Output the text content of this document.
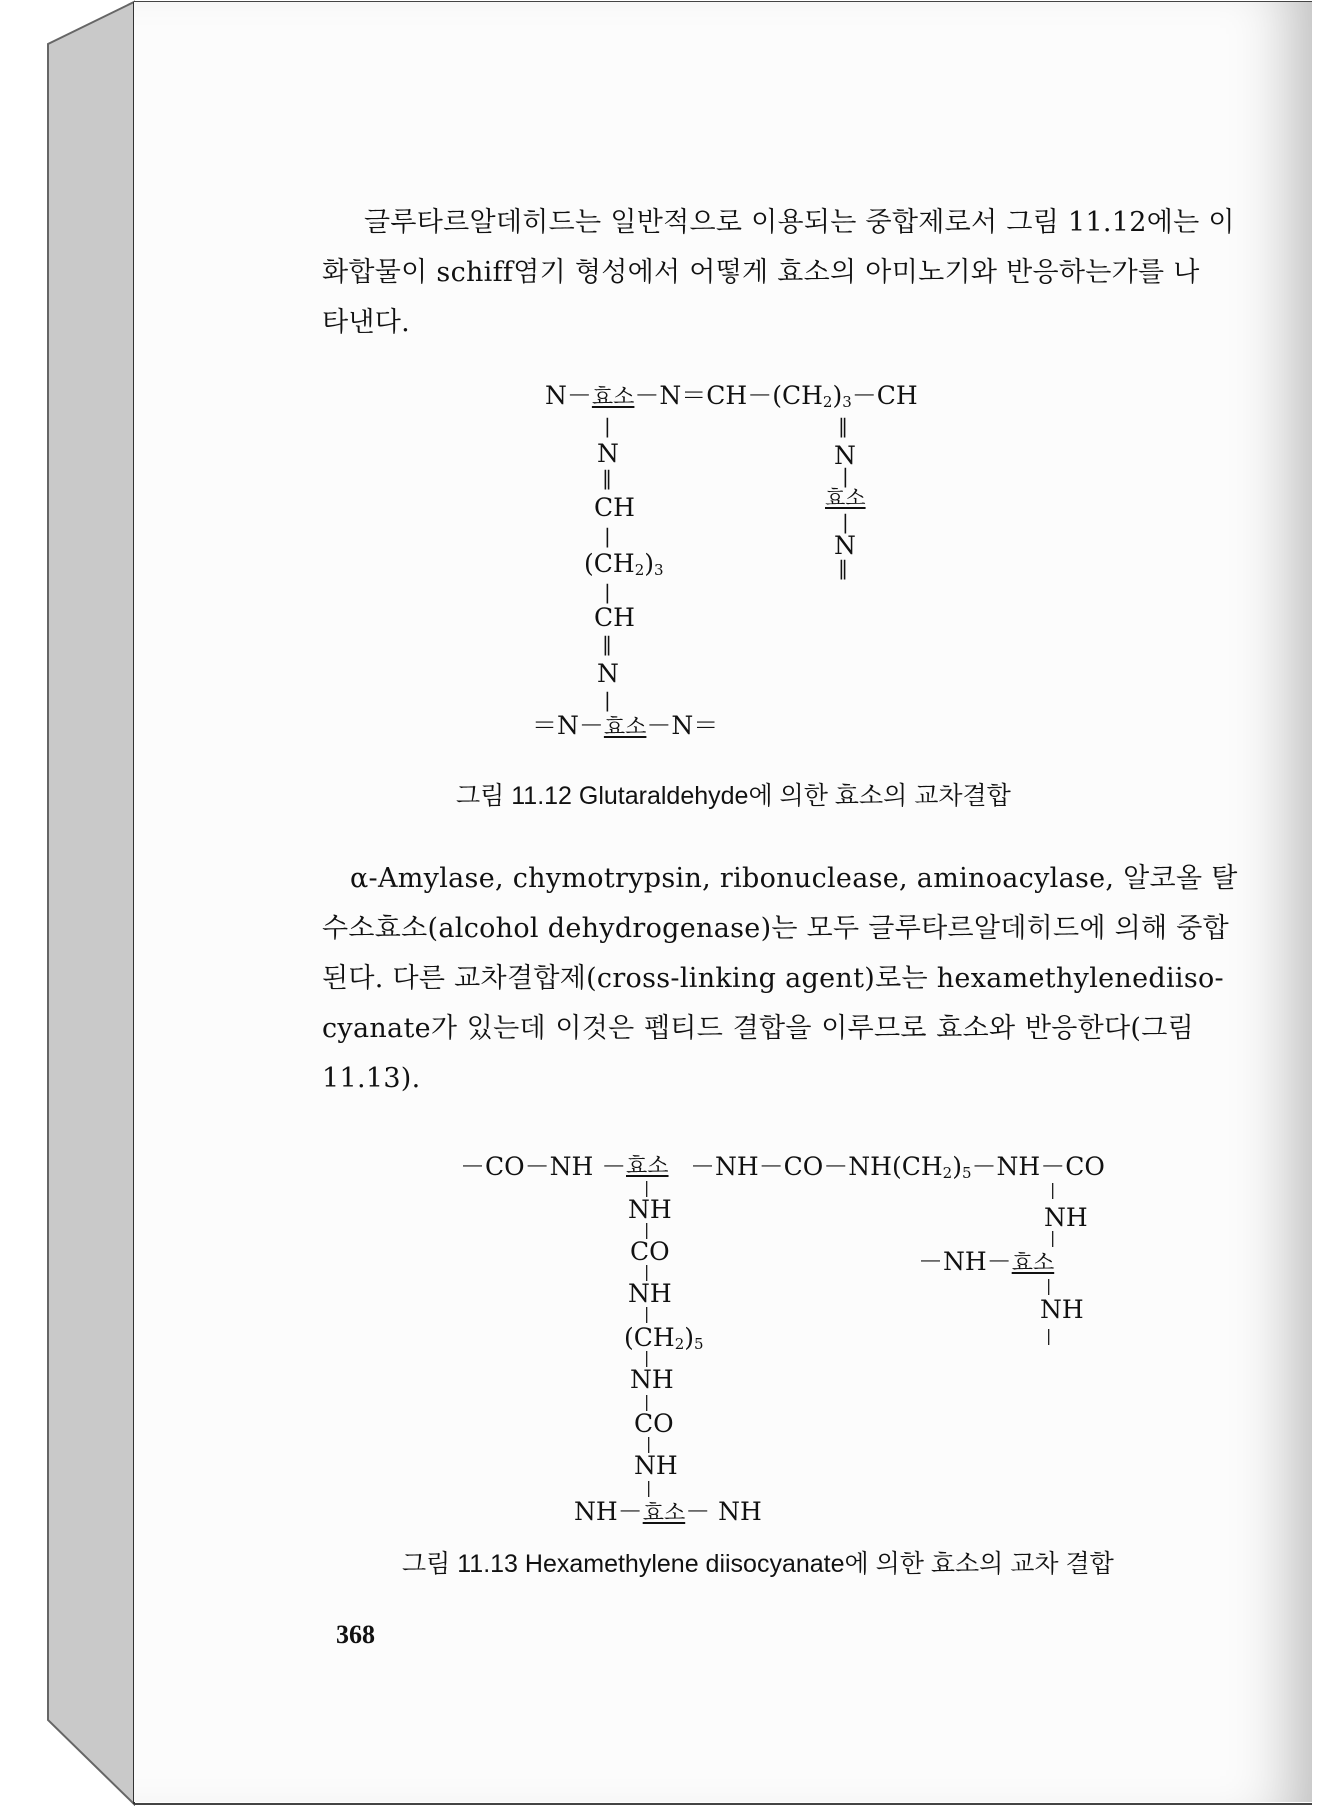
글루타르알데히드는 일반적으로 이용되는 중합제로서 그림 11.12에는 이
화합물이 schiff염기 형성에서 어떻게 효소의 아미노기와 반응하는가를 나
타낸다.
N－효소$-N=CH-(CH_2)_3-CH$
|
N
‖
CH
|
$(CH_2)_3$
|
CH
‖
N
|
＝N－효소－N＝
‖
N
|
효소
|
N
‖
그림 11.12 Glutaraldehyde에 의한 효소의 교차결합
α-Amylase, chymotrypsin, ribonuclease, aminoacylase, 알코올 탈
수소효소(alcohol dehydrogenase)는 모두 글루타르알데히드에 의해 중합
된다. 다른 교차결합제(cross-linking agent)로는 hexamethylenediiso-
cyanate가 있는데 이것은 펩티드 결합을 이루므로 효소와 반응한다(그림
11.13).
－CO－NH － 효소 $-NH-CO-NH(CH_2)_5-NH-CO$
|
NH
|
CO
|
NH
|
$(CH_2)_5$
|
NH
|
CO
|
NH
|
NH－효소－ NH
|
NH
|
－NH－효소
|
NH
|
그림 11.13 Hexamethylene diisocyanate에 의한 효소의 교차 결합
368
